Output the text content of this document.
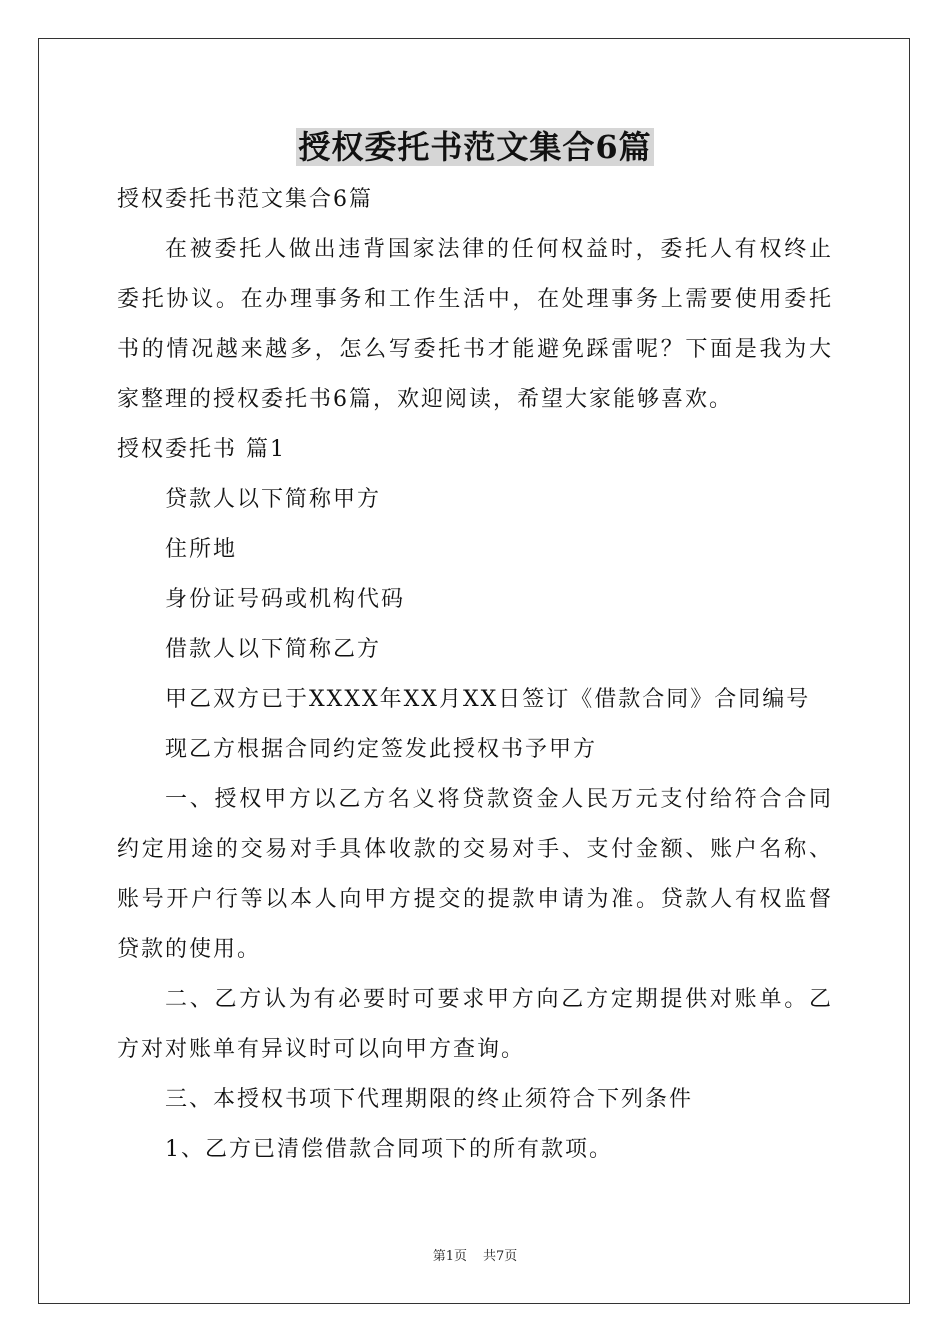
授权委托书范文集合6篇

授权委托书范文集合6篇

在被委托人做出违背国家法律的任何权益时，委托人有权终止委托协议。在办理事务和工作生活中，在处理事务上需要使用委托书的情况越来越多，怎么写委托书才能避免踩雷呢？下面是我为大家整理的授权委托书6篇，欢迎阅读，希望大家能够喜欢。

授权委托书 篇1

贷款人以下简称甲方

住所地

身份证号码或机构代码

借款人以下简称乙方

甲乙双方已于XXXX年XX月XX日签订《借款合同》合同编号

现乙方根据合同约定签发此授权书予甲方

一、授权甲方以乙方名义将贷款资金人民万元支付给符合合同约定用途的交易对手具体收款的交易对手、支付金额、账户名称、账号开户行等以本人向甲方提交的提款申请为准。贷款人有权监督贷款的使用。

二、乙方认为有必要时可要求甲方向乙方定期提供对账单。乙方对对账单有异议时可以向甲方查询。

三、本授权书项下代理期限的终止须符合下列条件

1、乙方已清偿借款合同项下的所有款项。

第1页 共7页
